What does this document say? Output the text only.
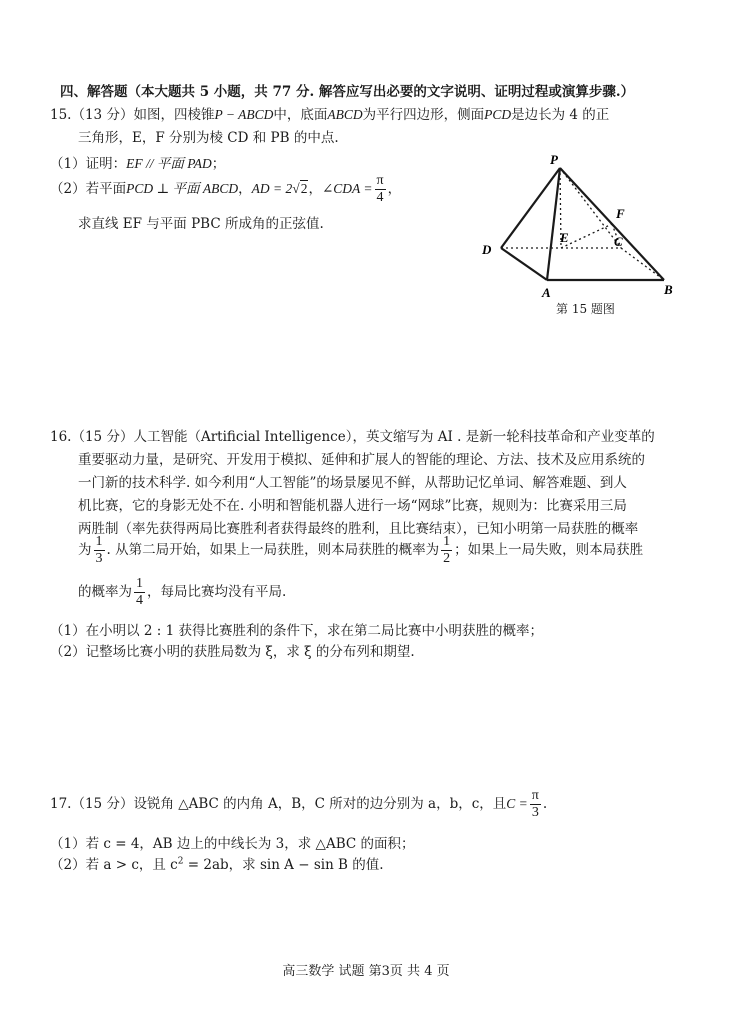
四、解答题（本大题共 5 小题，共 77 分. 解答应写出必要的文字说明、证明过程或演算步骤.）
15.（13 分）如图，四棱锥P − ABCD中，底面ABCD为平行四边形，侧面PCD是边长为 4 的正
三角形，E，F 分别为棱 CD 和 PB 的中点.
（1）证明：EF // 平面 PAD；
（2）若平面PCD ⊥ 平面 ABCD，AD = 2√2，∠CDA = $\frac{\pi}{4}$ ，
求直线 EF 与平面 PBC 所成角的正弦值.
P
D
E
F
C
A	B
第 15 题图
16.（15 分）人工智能（Artificial Intelligence），英文缩写为 AI . 是新一轮科技革命和产业变革的
重要驱动力量，是研究、开发用于模拟、延伸和扩展人的智能的理论、方法、技术及应用系统的
一门新的技术科学. 如今利用“人工智能”的场景屡见不鲜，从帮助记忆单词、解答难题、到人
机比赛，它的身影无处不在. 小明和智能机器人进行一场“网球”比赛，规则为：比赛采用三局
两胜制（率先获得两局比赛胜利者获得最终的胜利，且比赛结束），已知小明第一局获胜的概率
为 $\frac{1}{3}$ . 从第二局开始，如果上一局获胜，则本局获胜的概率为 $\frac{1}{2}$ ；如果上一局失败，则本局获胜
的概率为 $\frac{1}{4}$ ，每局比赛均没有平局.
（1）在小明以 2 : 1 获得比赛胜利的条件下，求在第二局比赛中小明获胜的概率；
（2）记整场比赛小明的获胜局数为 ξ，求 ξ 的分布列和期望.
17.（15 分）设锐角 △ABC 的内角 A，B，C 所对的边分别为 a，b，c，且$C = \frac{\pi}{3}$ .
（1）若 c = 4，AB 边上的中线长为 3，求 △ABC 的面积；
（2）若 a > c，且 $c^2 = 2ab$，求 sin A − sin B 的值.
高三数学 试题 第3页 共 4 页
